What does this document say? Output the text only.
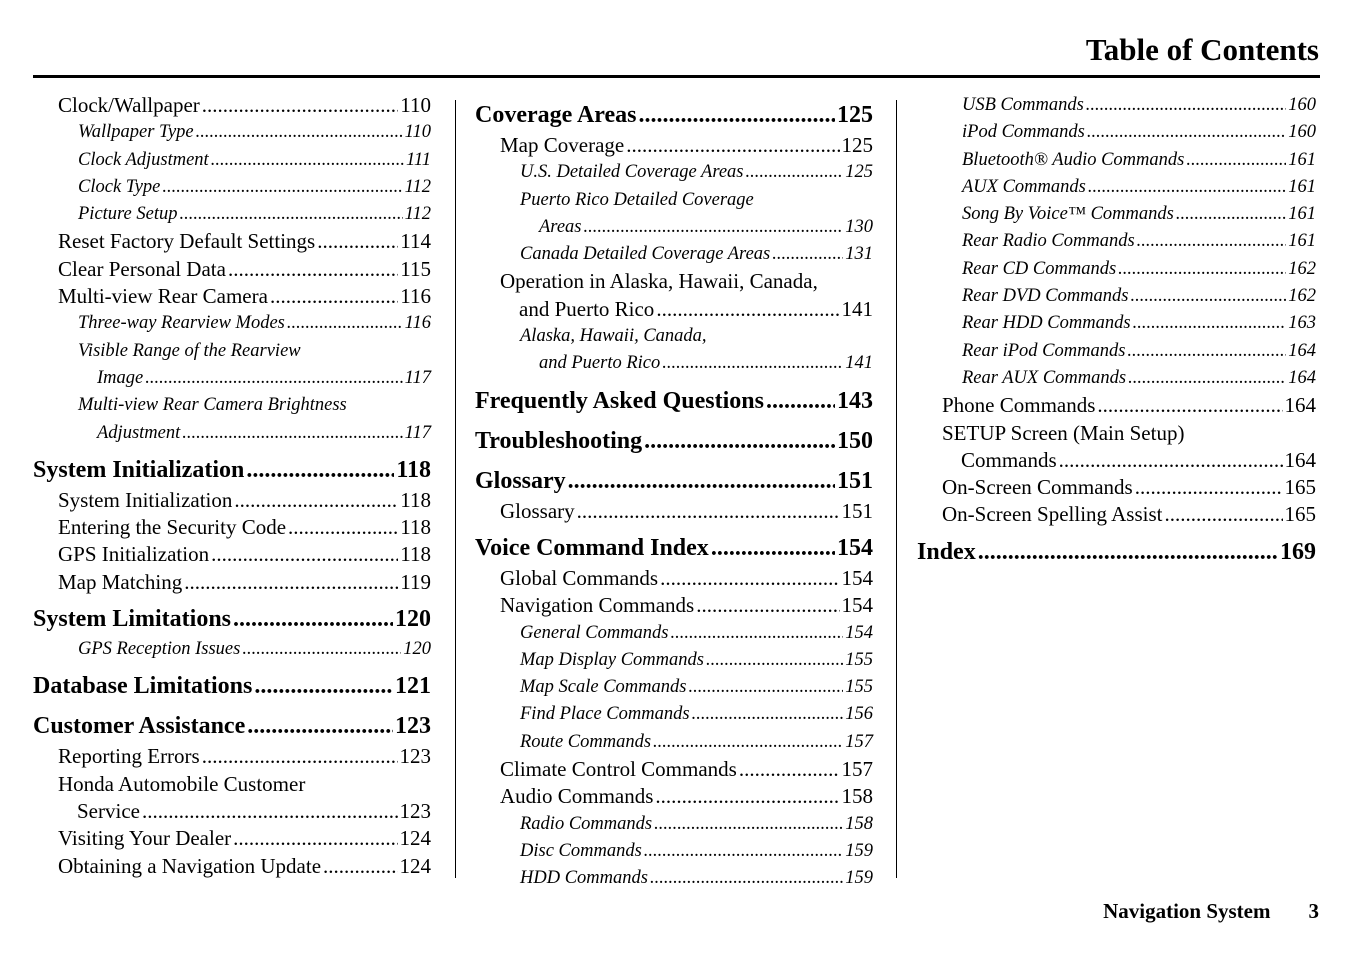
Table of Contents
Clock/Wallpaper .....	110
Wallpaper Type .....	110
Clock Adjustment .....	111
Clock Type .....	112
Picture Setup .....	112
Reset Factory Default Settings .....	114
Clear Personal Data .....	115
Multi-view Rear Camera .....	116
Three-way Rearview Modes .....	116
Visible Range of the Rearview
Image .....	117
Multi-view Rear Camera Brightness
Adjustment .....	117
System Initialization .....	118
System Initialization .....	118
Entering the Security Code .....	118
GPS Initialization .....	118
Map Matching .....	119
System Limitations .....	120
GPS Reception Issues .....	120
Database Limitations .....	121
Customer Assistance .....	123
Reporting Errors .....	123
Honda Automobile Customer
Service .....	123
Visiting Your Dealer .....	124
Obtaining a Navigation Update .....	124
Coverage Areas .....	125
Map Coverage .....	125
U.S. Detailed Coverage Areas .....	125
Puerto Rico Detailed Coverage
Areas .....	130
Canada Detailed Coverage Areas .....	131
Operation in Alaska, Hawaii, Canada,
and Puerto Rico .....	141
Alaska, Hawaii, Canada,
and Puerto Rico .....	141
Frequently Asked Questions .....	143
Troubleshooting .....	150
Glossary .....	151
Glossary .....	151
Voice Command Index .....	154
Global Commands .....	154
Navigation Commands .....	154
General Commands .....	154
Map Display Commands .....	155
Map Scale Commands .....	155
Find Place Commands .....	156
Route Commands .....	157
Climate Control Commands .....	157
Audio Commands .....	158
Radio Commands .....	158
Disc Commands .....	159
HDD Commands .....	159
USB Commands .....	160
iPod Commands .....	160
Bluetooth® Audio Commands .....	161
AUX Commands .....	161
Song By Voice™ Commands .....	161
Rear Radio Commands .....	161
Rear CD Commands .....	162
Rear DVD Commands .....	162
Rear HDD Commands .....	163
Rear iPod Commands .....	164
Rear AUX Commands .....	164
Phone Commands .....	164
SETUP Screen (Main Setup)
Commands .....	164
On-Screen Commands .....	165
On-Screen Spelling Assist .....	165
Index .....	169
Navigation System 3
